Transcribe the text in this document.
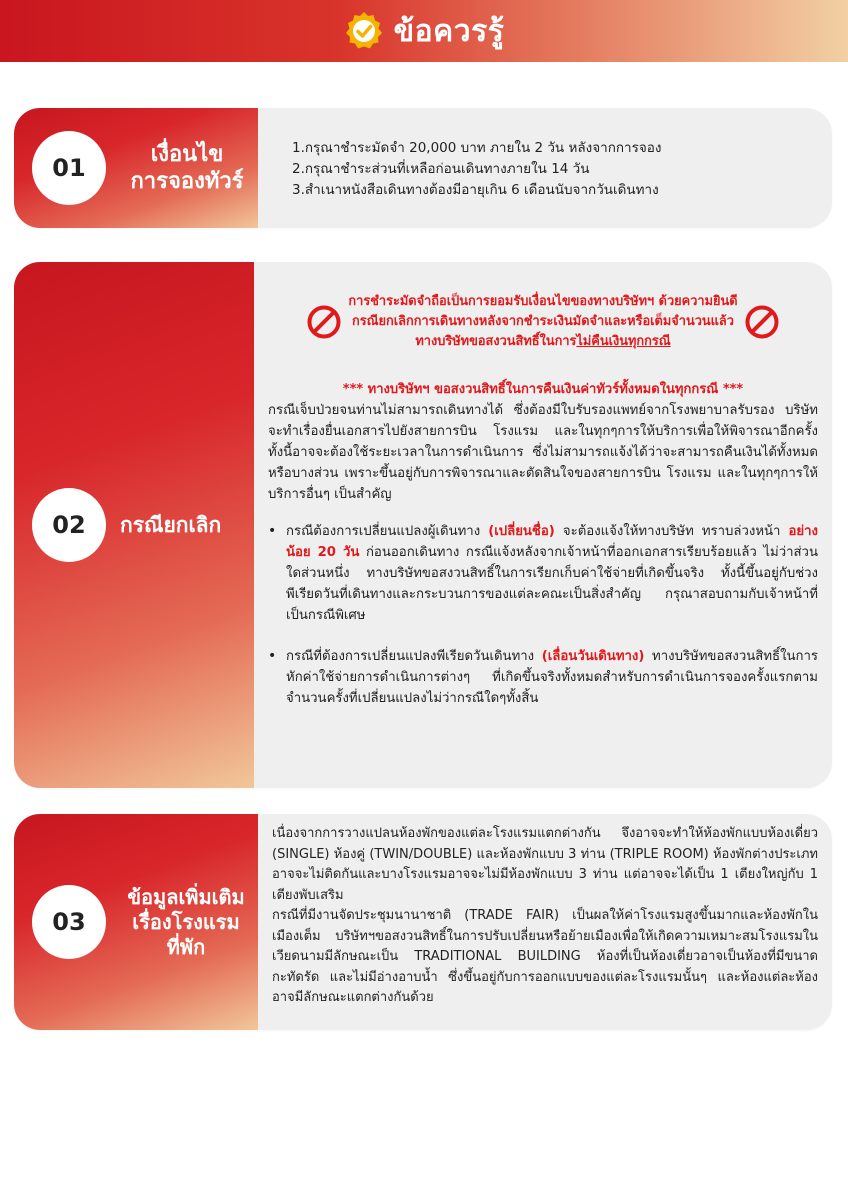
ข้อควรรู้
01	เงื่อนไข
การจองทัวร์
1.กรุณาชำระมัดจำ 20,000 บาท ภายใน 2 วัน หลังจากการจอง
2.กรุณาชำระส่วนที่เหลือก่อนเดินทางภายใน 14 วัน
3.สำเนาหนังสือเดินทางต้องมีอายุเกิน 6 เดือนนับจากวันเดินทาง
02	กรณียกเลิก
การชำระมัดจำถือเป็นการยอมรับเงื่อนไขของทางบริษัทฯ ด้วยความยินดี
กรณียกเลิกการเดินทางหลังจากชำระเงินมัดจำและหรือเต็มจำนวนแล้ว
ทางบริษัทขอสงวนสิทธิ์ในการไม่คืนเงินทุกกรณี
*** ทางบริษัทฯ ขอสงวนสิทธิ์ในการคืนเงินค่าทัวร์ทั้งหมดในทุกกรณี ***
กรณีเจ็บป่วยจนท่านไม่สามารถเดินทางได้ ซึ่งต้องมีใบรับรองแพทย์จากโรงพยาบาลรับรอง บริษัทจะทำเรื่องยื่นเอกสารไปยังสายการบิน โรงแรม และในทุกๆการให้บริการเพื่อให้พิจารณาอีกครั้ง ทั้งนี้อาจจะต้องใช้ระยะเวลาในการดำเนินการ ซึ่งไม่สามารถแจ้งได้ว่าจะสามารถคืนเงินได้ทั้งหมดหรือบางส่วน เพราะขึ้นอยู่กับการพิจารณาและตัดสินใจของสายการบิน โรงแรม และในทุกๆการให้บริการอื่นๆ เป็นสำคัญ
• กรณีต้องการเปลี่ยนแปลงผู้เดินทาง (เปลี่ยนชื่อ) จะต้องแจ้งให้ทางบริษัท ทราบล่วงหน้า อย่างน้อย 20 วัน ก่อนออกเดินทาง กรณีแจ้งหลังจากเจ้าหน้าที่ออกเอกสารเรียบร้อยแล้ว ไม่ว่าส่วนใดส่วนหนึ่ง ทางบริษัทขอสงวนสิทธิ์ในการเรียกเก็บค่าใช้จ่ายที่เกิดขึ้นจริง ทั้งนี้ขึ้นอยู่กับช่วงพีเรียดวันที่เดินทางและกระบวนการของแต่ละคณะเป็นสิ่งสำคัญ กรุณาสอบถามกับเจ้าหน้าที่เป็นกรณีพิเศษ
• กรณีที่ต้องการเปลี่ยนแปลงพีเรียดวันเดินทาง (เลื่อนวันเดินทาง) ทางบริษัทขอสงวนสิทธิ์ในการหักค่าใช้จ่ายการดำเนินการต่างๆ ที่เกิดขึ้นจริงทั้งหมดสำหรับการดำเนินการจองครั้งแรกตามจำนวนครั้งที่เปลี่ยนแปลงไม่ว่ากรณีใดๆทั้งสิ้น
03
ข้อมูลเพิ่มเติม
เรื่องโรงแรม
ที่พัก
เนื่องจากการวางแปลนห้องพักของแต่ละโรงแรมแตกต่างกัน จึงอาจจะทำให้ห้องพักแบบห้องเดี่ยว (SINGLE) ห้องคู่ (TWIN/DOUBLE) และห้องพักแบบ 3 ท่าน (TRIPLE ROOM) ห้องพักต่างประเภทอาจจะไม่ติดกันและบางโรงแรมอาจจะไม่มีห้องพักแบบ 3 ท่าน แต่อาจจะได้เป็น 1 เตียงใหญ่กับ 1 เตียงพับเสริม
กรณีที่มีงานจัดประชุมนานาชาติ (TRADE FAIR) เป็นผลให้ค่าโรงแรมสูงขึ้นมากและห้องพักในเมืองเต็ม บริษัทฯขอสงวนสิทธิ์ในการปรับเปลี่ยนหรือย้ายเมืองเพื่อให้เกิดความเหมาะสมโรงแรมในเวียดนามมีลักษณะเป็น TRADITIONAL BUILDING ห้องที่เป็นห้องเดี่ยวอาจเป็นห้องที่มีขนาดกะทัดรัด และไม่มีอ่างอาบน้ำ ซึ่งขึ้นอยู่กับการออกแบบของแต่ละโรงแรมนั้นๆ และห้องแต่ละห้องอาจมีลักษณะแตกต่างกันด้วย
